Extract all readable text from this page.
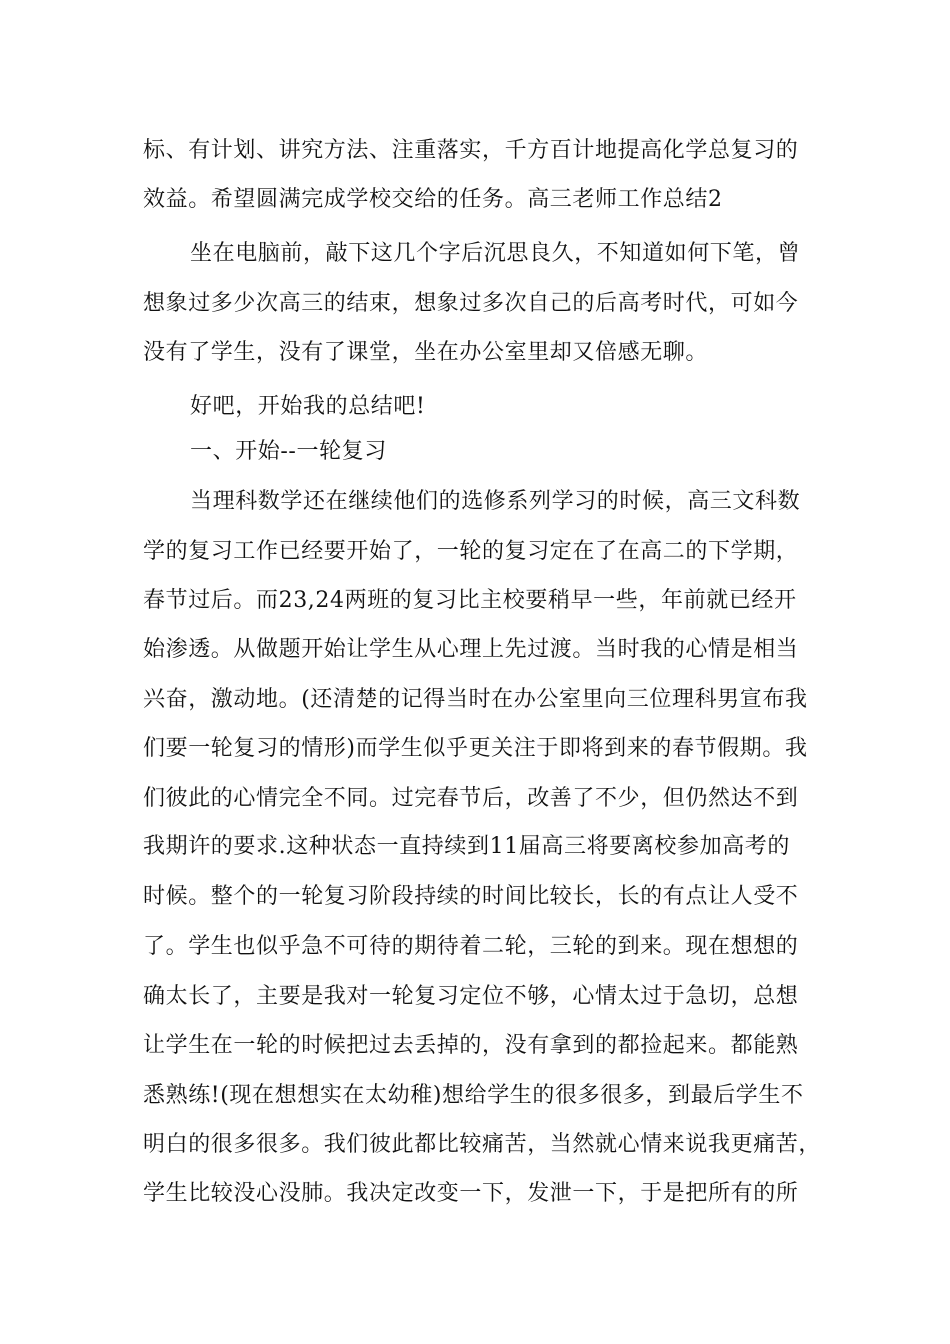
标、有计划、讲究方法、注重落实，千方百计地提高化学总复习的
效益。希望圆满完成学校交给的任务。高三老师工作总结2
坐在电脑前，敲下这几个字后沉思良久，不知道如何下笔，曾
想象过多少次高三的结束，想象过多次自己的后高考时代，可如今
没有了学生，没有了课堂，坐在办公室里却又倍感无聊。
好吧，开始我的总结吧!
一、开始--一轮复习
当理科数学还在继续他们的选修系列学习的时候，高三文科数
学的复习工作已经要开始了，一轮的复习定在了在高二的下学期，
春节过后。而23,24两班的复习比主校要稍早一些，年前就已经开
始渗透。从做题开始让学生从心理上先过渡。当时我的心情是相当
兴奋，激动地。(还清楚的记得当时在办公室里向三位理科男宣布我
们要一轮复习的情形)而学生似乎更关注于即将到来的春节假期。我
们彼此的心情完全不同。过完春节后，改善了不少，但仍然达不到
我期许的要求.这种状态一直持续到11届高三将要离校参加高考的
时候。整个的一轮复习阶段持续的时间比较长，长的有点让人受不
了。学生也似乎急不可待的期待着二轮，三轮的到来。现在想想的
确太长了，主要是我对一轮复习定位不够，心情太过于急切，总想
让学生在一轮的时候把过去丢掉的，没有拿到的都捡起来。都能熟
悉熟练!(现在想想实在太幼稚)想给学生的很多很多，到最后学生不
明白的很多很多。我们彼此都比较痛苦，当然就心情来说我更痛苦，
学生比较没心没肺。我决定改变一下，发泄一下，于是把所有的所
